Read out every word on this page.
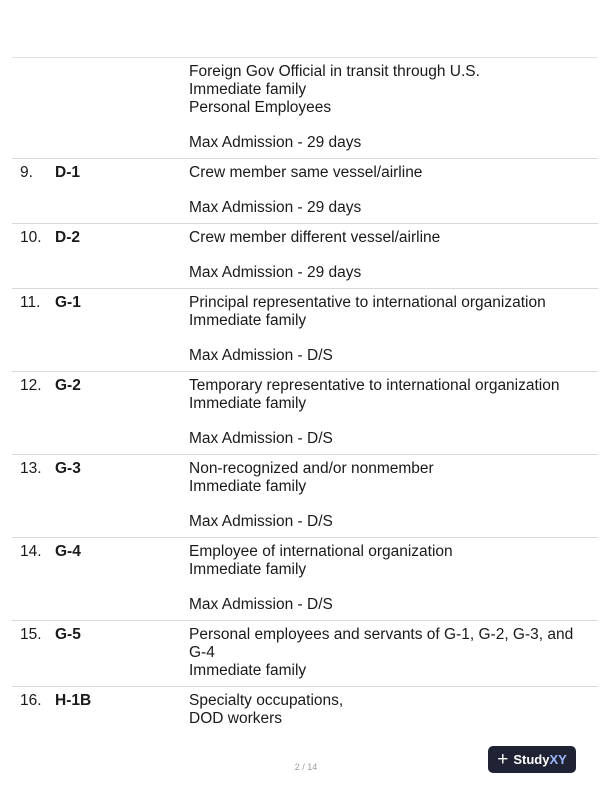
Foreign Gov Official in transit through U.S.
Immediate family
Personal Employees
Max Admission - 29 days
9.	D-1	Crew member same vessel/airline
Max Admission - 29 days
10. D-2	Crew member different vessel/airline
Max Admission - 29 days
11. G-1	Principal representative to international organization
Immediate family
Max Admission - D/S
12. G-2	Temporary representative to international organization
Immediate family
Max Admission - D/S
13. G-3	Non-recognized and/or nonmember
Immediate family
Max Admission - D/S
14. G-4	Employee of international organization
Immediate family
Max Admission - D/S
15. G-5	Personal employees and servants of G-1, G-2, G-3, and
G-4
Immediate family
16. H-1B	Specialty occupations,
DOD workers
2 / 14	+ Study XY
